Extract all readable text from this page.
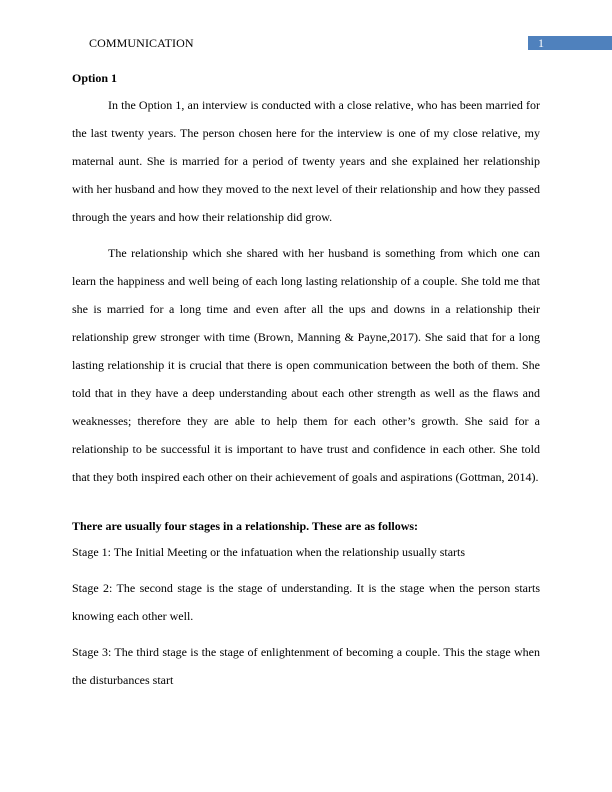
COMMUNICATION	1

Option 1

In the Option 1, an interview is conducted with a close relative, who has been married for the last twenty years. The person chosen here for the interview is one of my close relative, my maternal aunt. She is married for a period of twenty years and she explained her relationship with her husband and how they moved to the next level of their relationship and how they passed through the years and how their relationship did grow.

The relationship which she shared with her husband is something from which one can learn the happiness and well being of each long lasting relationship of a couple. She told me that she is married for a long time and even after all the ups and downs in a relationship their relationship grew stronger with time (Brown, Manning & Payne,2017). She said that for a long lasting relationship it is crucial that there is open communication between the both of them. She told that in they have a deep understanding about each other strength as well as the flaws and weaknesses; therefore they are able to help them for each other’s growth. She said for a relationship to be successful it is important to have trust and confidence in each other. She told that they both inspired each other on their achievement of goals and aspirations (Gottman, 2014).

There are usually four stages in a relationship. These are as follows:

Stage 1: The Initial Meeting or the infatuation when the relationship usually starts

Stage 2: The second stage is the stage of understanding. It is the stage when the person starts knowing each other well.

Stage 3: The third stage is the stage of enlightenment of becoming a couple. This the stage when the disturbances start
